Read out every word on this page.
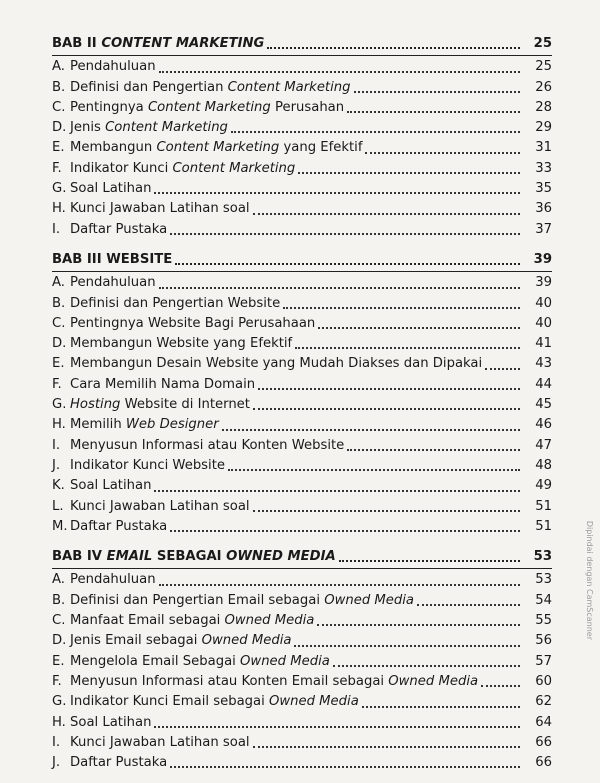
BAB II CONTENT MARKETING	25
A. Pendahuluan	25
B. Definisi dan Pengertian Content Marketing	26
C. Pentingnya Content Marketing Perusahan	28
D. Jenis Content Marketing	29
E. Membangun Content Marketing yang Efektif	31
F. Indikator Kunci Content Marketing	33
G. Soal Latihan	35
H. Kunci Jawaban Latihan soal	36
I. Daftar Pustaka	37
BAB III WEBSITE	39
A. Pendahuluan	39
B. Definisi dan Pengertian Website	40
C. Pentingnya Website Bagi Perusahaan	40
D. Membangun Website yang Efektif	41
E. Membangun Desain Website yang Mudah Diakses dan Dipakai	43
F. Cara Memilih Nama Domain	44
G. Hosting Website di Internet	45
H. Memilih Web Designer	46
I. Menyusun Informasi atau Konten Website	47
J. Indikator Kunci Website	48
K. Soal Latihan	49
L. Kunci Jawaban Latihan soal	51
M. Daftar Pustaka	51
BAB IV EMAIL SEBAGAI OWNED MEDIA	53
A. Pendahuluan	53
B. Definisi dan Pengertian Email sebagai Owned Media	54
C. Manfaat Email sebagai Owned Media	55
D. Jenis Email sebagai Owned Media	56
E. Mengelola Email Sebagai Owned Media	57
F. Menyusun Informasi atau Konten Email sebagai Owned Media	60
G. Indikator Kunci Email sebagai Owned Media	62
H. Soal Latihan	64
I. Kunci Jawaban Latihan soal	66
J. Daftar Pustaka	66
Dipindai dengan CamScanner
